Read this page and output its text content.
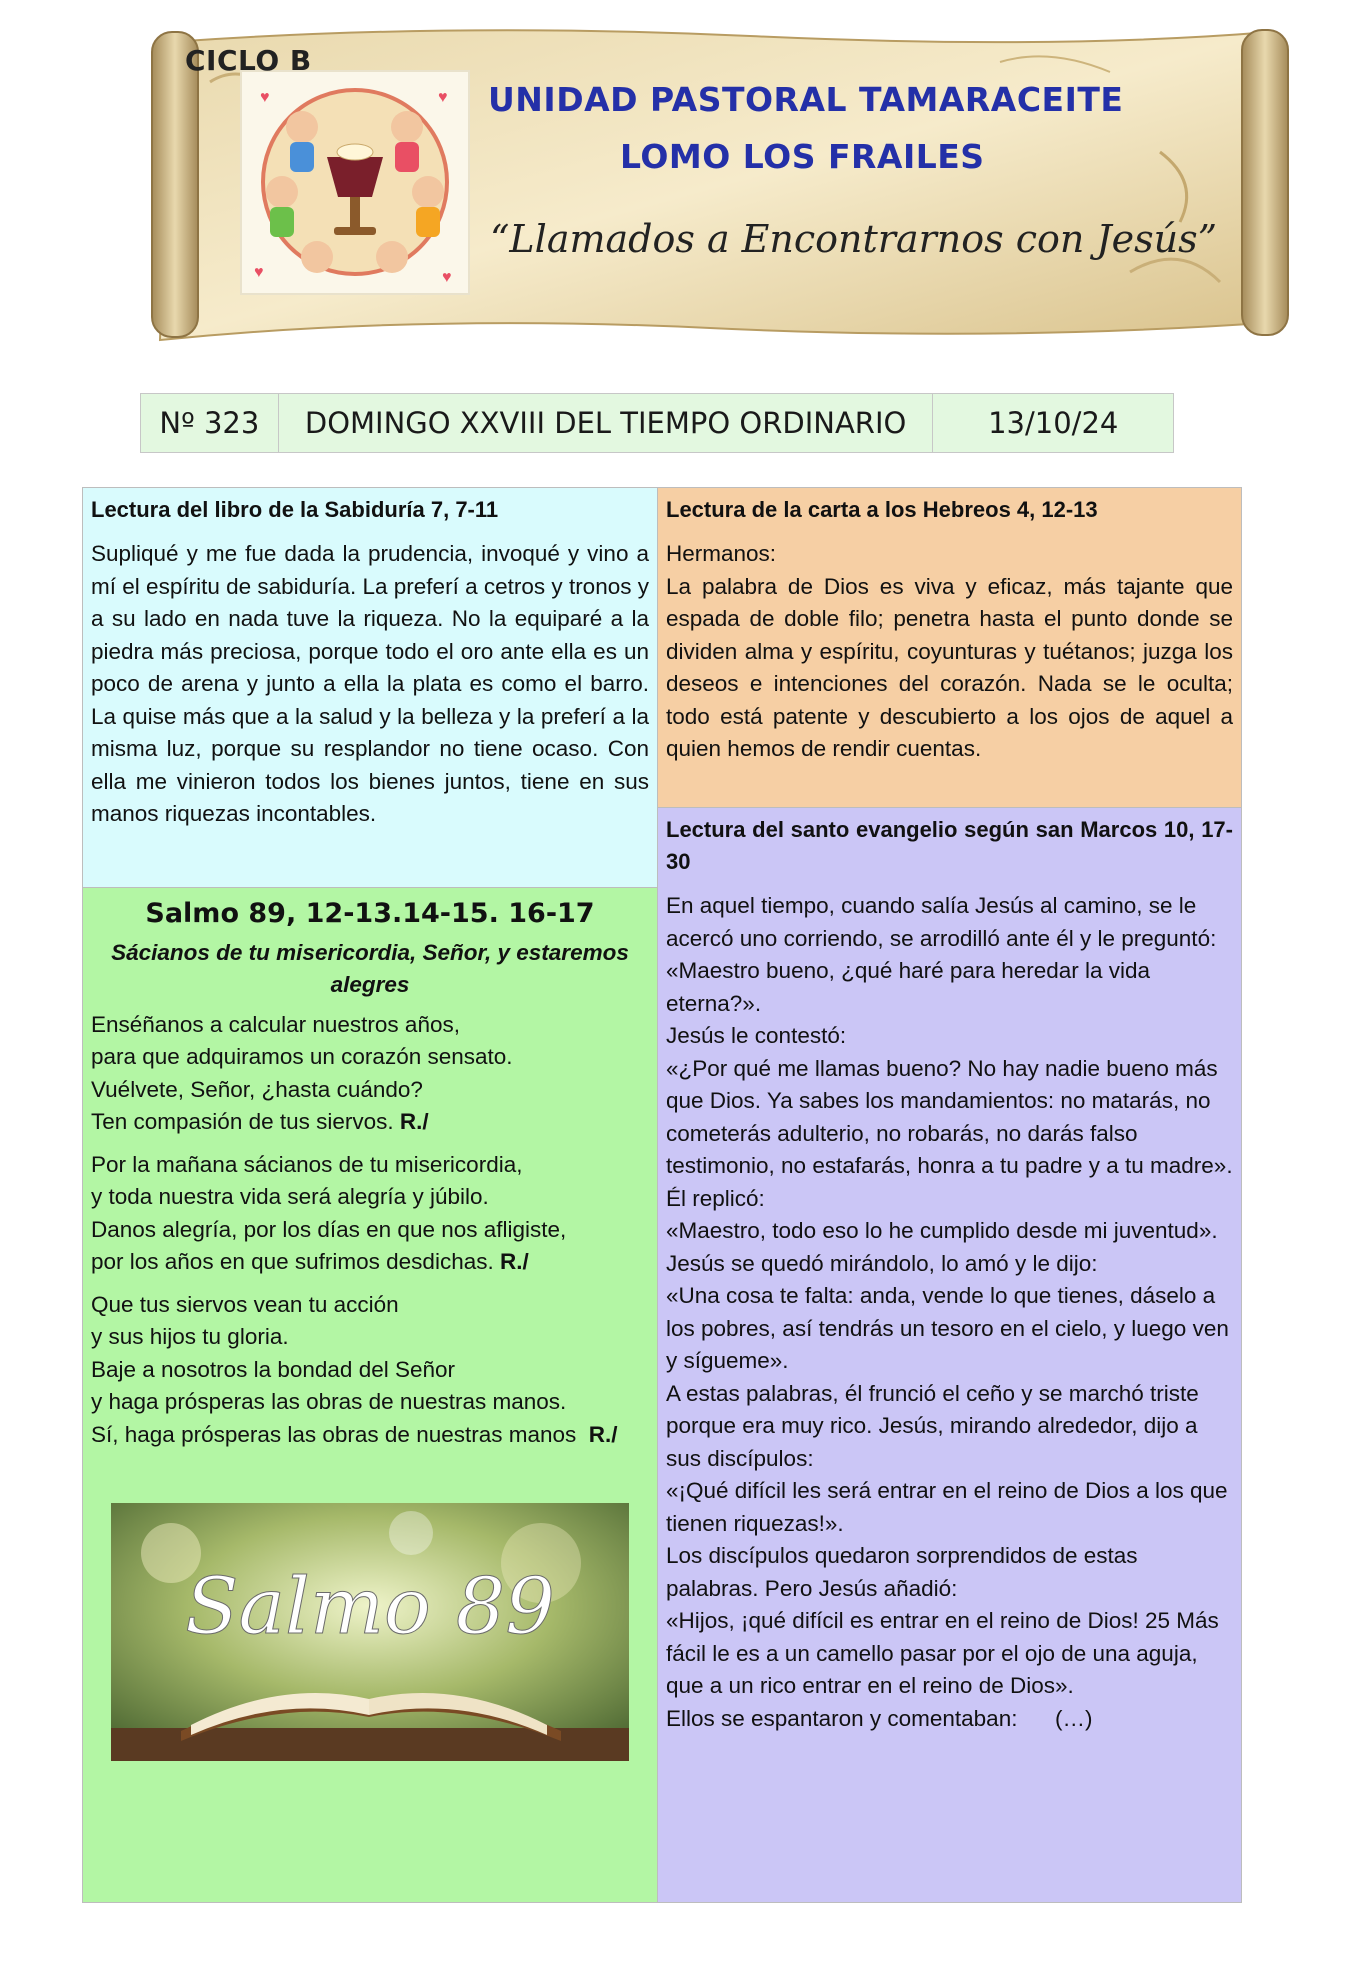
♥	♥
♥	♥
CICLO B
UNIDAD PASTORAL TAMARACEITE
LOMO LOS FRAILES
“Llamados a Encontrarnos con Jesús”
Nº 323	DOMINGO XXVIII DEL TIEMPO ORDINARIO	13/10/24
Lectura del libro de la Sabiduría 7, 7-11

Supliqué y me fue dada la prudencia, invoqué y vino a mí el espíritu de sabiduría. La preferí a cetros y tronos y a su lado en nada tuve la riqueza. No la equiparé a la piedra más preciosa, porque todo el oro ante ella es un poco de arena y junto a ella la plata es como el barro. La quise más que a la salud y la belleza y la preferí a la misma luz, porque su resplandor no tiene ocaso. Con ella me vinieron todos los bienes juntos, tiene en sus manos riquezas incontables.

Lectura de la carta a los Hebreos 4, 12-13

Hermanos:

La palabra de Dios es viva y eficaz, más tajante que espada de doble filo; penetra hasta el punto donde se dividen alma y espíritu, coyunturas y tuétanos; juzga los deseos e intenciones del corazón. Nada se le oculta; todo está patente y descubierto a los ojos de aquel a quien hemos de rendir cuentas.

Salmo 89, 12-13.14-15. 16-17
Sácianos de tu misericordia, Señor, y estaremos alegres

Enséñanos a calcular nuestros años,

para que adquiramos un corazón sensato.

Vuélvete, Señor, ¿hasta cuándo?

Ten compasión de tus siervos. R./

Por la mañana sácianos de tu misericordia,

y toda nuestra vida será alegría y júbilo.

Danos alegría, por los días en que nos afligiste,

por los años en que sufrimos desdichas. R./

Que tus siervos vean tu acción

y sus hijos tu gloria.

Baje a nosotros la bondad del Señor

y haga prósperas las obras de nuestras manos.

Sí, haga prósperas las obras de nuestras manos R./

Salmo 89
Lectura del santo evangelio según san Marcos 10, 17-30

En aquel tiempo, cuando salía Jesús al camino, se le acercó uno corriendo, se arrodilló ante él y le preguntó:

«Maestro bueno, ¿qué haré para heredar la vida eterna?».

Jesús le contestó:

«¿Por qué me llamas bueno? No hay nadie bueno más que Dios. Ya sabes los mandamientos: no matarás, no cometerás adulterio, no robarás, no darás falso testimonio, no estafarás, honra a tu padre y a tu madre».

Él replicó:

«Maestro, todo eso lo he cumplido desde mi juventud».

Jesús se quedó mirándolo, lo amó y le dijo:

«Una cosa te falta: anda, vende lo que tienes, dáselo a los pobres, así tendrás un tesoro en el cielo, y luego ven y sígueme».

A estas palabras, él frunció el ceño y se marchó triste porque era muy rico. Jesús, mirando alrededor, dijo a sus discípulos:

«¡Qué difícil les será entrar en el reino de Dios a los que tienen riquezas!».

Los discípulos quedaron sorprendidos de estas palabras. Pero Jesús añadió:

«Hijos, ¡qué difícil es entrar en el reino de Dios! 25 Más fácil le es a un camello pasar por el ojo de una aguja, que a un rico entrar en el reino de Dios».

Ellos se espantaron y comentaban:      (…)
